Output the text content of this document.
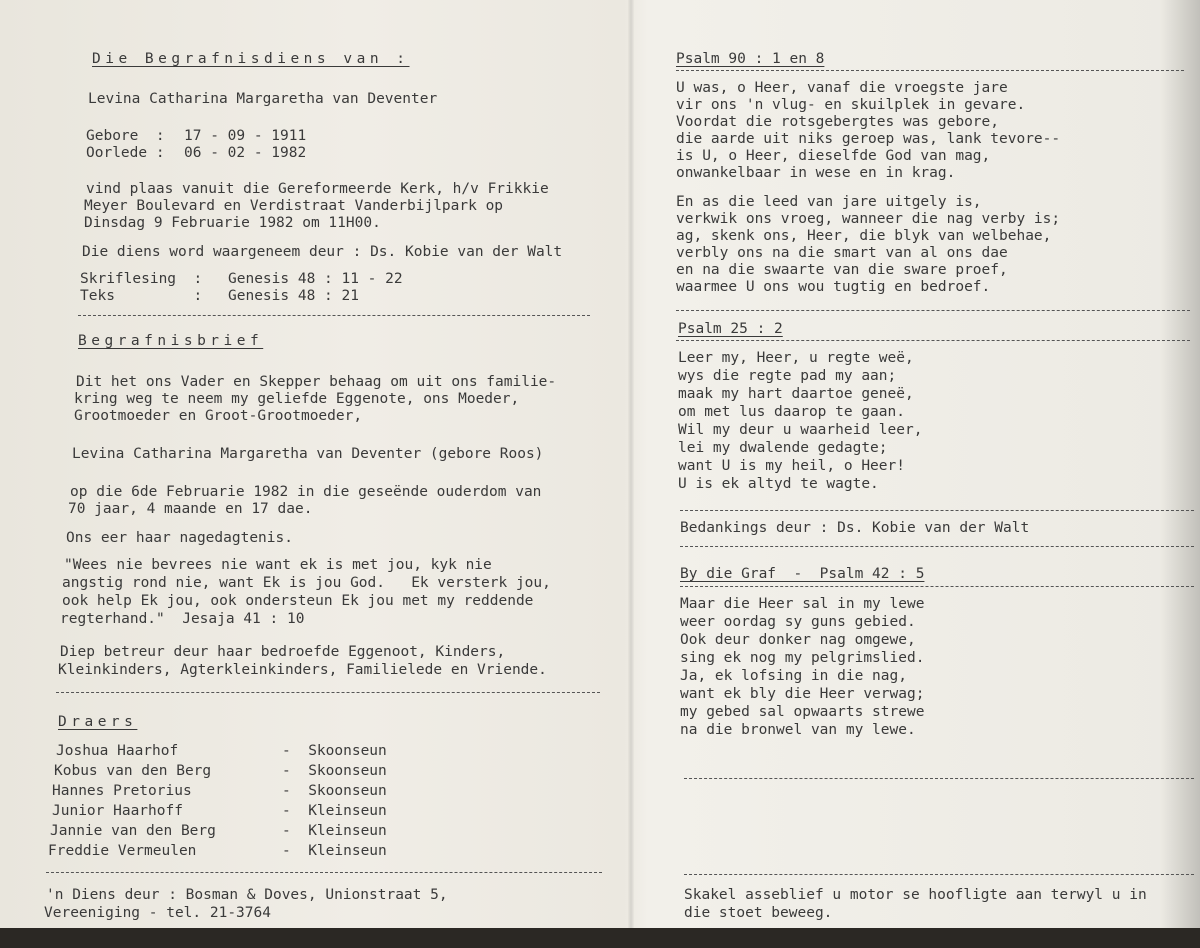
Die Begrafnisdiens van :
Levina Catharina Margaretha van Deventer
Gebore  : 17 - 09 - 1911
Oorlede : 06 - 02 - 1982
vind plaas vanuit die Gereformeerde Kerk, h/v Frikkie
Meyer Boulevard en Verdistraat Vanderbijlpark op
Dinsdag 9 Februarie 1982 om 11H00.
Die diens word waargeneem deur : Ds. Kobie van der Walt
Skriflesing  : Genesis 48 : 11 - 22
Teks         : Genesis 48 : 21
Begrafnisbrief
Dit het ons Vader en Skepper behaag om uit ons familie-
kring weg te neem my geliefde Eggenote, ons Moeder,
Grootmoeder en Groot-Grootmoeder,
Levina Catharina Margaretha van Deventer (gebore Roos)
op die 6de Februarie 1982 in die geseënde ouderdom van
70 jaar, 4 maande en 17 dae.
Ons eer haar nagedagtenis.
"Wees nie bevrees nie want ek is met jou, kyk nie
angstig rond nie, want Ek is jou God.   Ek versterk jou,
ook help Ek jou, ook ondersteun Ek jou met my reddende
regterhand."  Jesaja 41 : 10
Diep betreur deur haar bedroefde Eggenoot, Kinders,
Kleinkinders, Agterkleinkinders, Familielede en Vriende.
Draers
Joshua Haarhof	-  Skoonseun
Kobus van den Berg	-  Skoonseun
Hannes Pretorius	-  Skoonseun
Junior Haarhoff	-  Kleinseun
Jannie van den Berg	-  Kleinseun
Freddie Vermeulen	-  Kleinseun
'n Diens deur : Bosman & Doves, Unionstraat 5,
Vereeniging - tel. 21-3764
Psalm 90 : 1 en 8
U was, o Heer, vanaf die vroegste jare
vir ons 'n vlug- en skuilplek in gevare.
Voordat die rotsgebergtes was gebore,
die aarde uit niks geroep was, lank tevore--
is U, o Heer, dieselfde God van mag,
onwankelbaar in wese en in krag.
En as die leed van jare uitgely is,
verkwik ons vroeg, wanneer die nag verby is;
ag, skenk ons, Heer, die blyk van welbehae,
verbly ons na die smart van al ons dae
en na die swaarte van die sware proef,
waarmee U ons wou tugtig en bedroef.
Psalm 25 : 2
Leer my, Heer, u regte weë,
wys die regte pad my aan;
maak my hart daartoe geneë,
om met lus daarop te gaan.
Wil my deur u waarheid leer,
lei my dwalende gedagte;
want U is my heil, o Heer!
U is ek altyd te wagte.
Bedankings deur : Ds. Kobie van der Walt
By die Graf  -  Psalm 42 : 5
Maar die Heer sal in my lewe
weer oordag sy guns gebied.
Ook deur donker nag omgewe,
sing ek nog my pelgrimslied.
Ja, ek lofsing in die nag,
want ek bly die Heer verwag;
my gebed sal opwaarts strewe
na die bronwel van my lewe.
Skakel asseblief u motor se hoofligte aan terwyl u in
die stoet beweeg.
